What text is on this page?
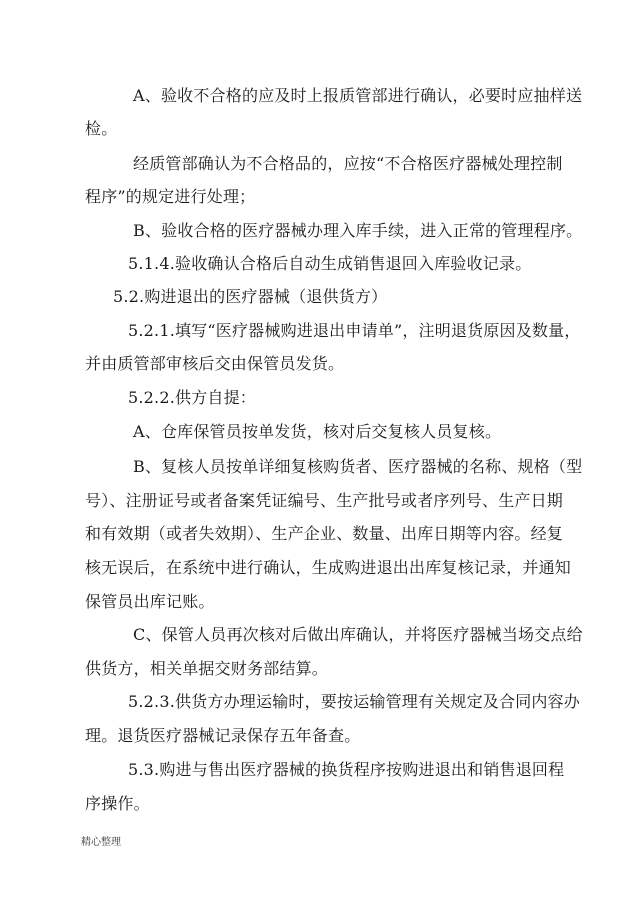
A、验收不合格的应及时上报质管部进行确认，必要时应抽样送
检。
经质管部确认为不合格品的，应按“不合格医疗器械处理控制
程序”的规定进行处理；
B、验收合格的医疗器械办理入库手续，进入正常的管理程序。
5.1.4.验收确认合格后自动生成销售退回入库验收记录。
5.2.购进退出的医疗器械（退供货方）
5.2.1.填写“医疗器械购进退出申请单”，注明退货原因及数量，
并由质管部审核后交由保管员发货。
5.2.2.供方自提：
A、仓库保管员按单发货，核对后交复核人员复核。
B、复核人员按单详细复核购货者、医疗器械的名称、规格（型
号）、注册证号或者备案凭证编号、生产批号或者序列号、生产日期
和有效期（或者失效期）、生产企业、数量、出库日期等内容。经复
核无误后，在系统中进行确认，生成购进退出出库复核记录，并通知
保管员出库记账。
C、保管人员再次核对后做出库确认，并将医疗器械当场交点给
供货方，相关单据交财务部结算。
5.2.3.供货方办理运输时，要按运输管理有关规定及合同内容办
理。退货医疗器械记录保存五年备查。
5.3.购进与售出医疗器械的换货程序按购进退出和销售退回程
序操作。
精心整理
